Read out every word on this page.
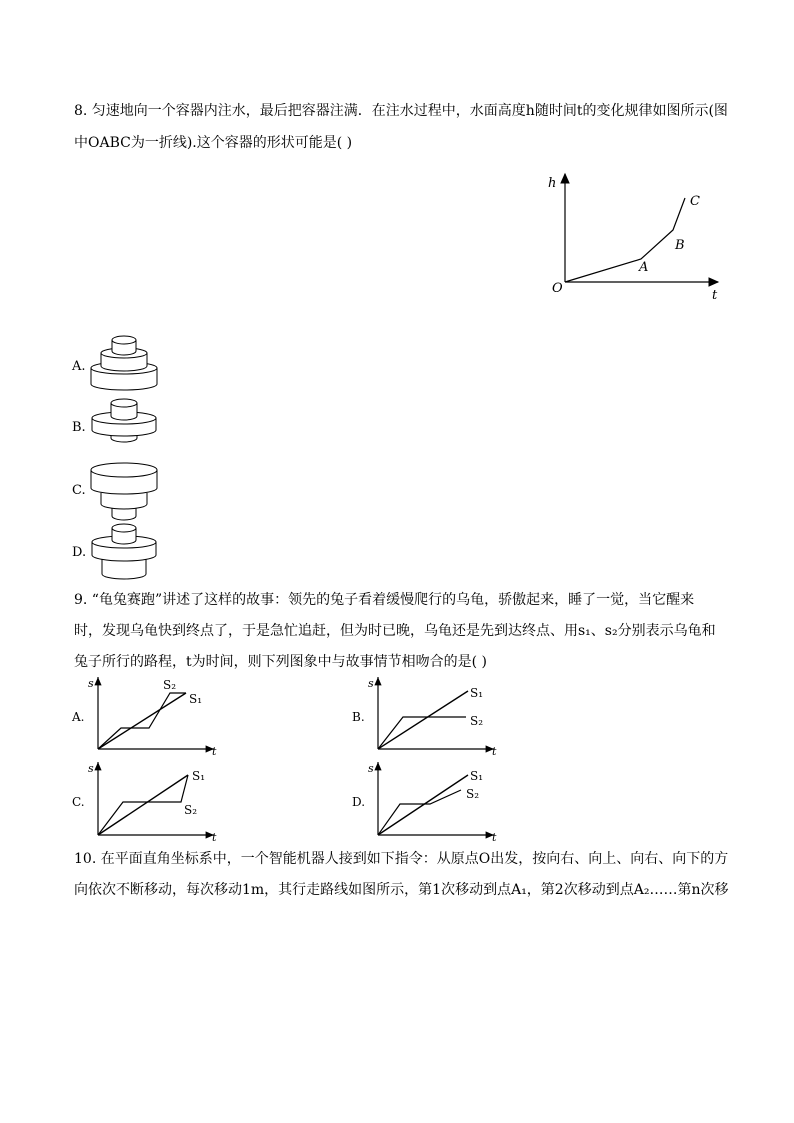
8. 匀速地向一个容器内注水，最后把容器注满．在注水过程中，水面高度h随时间t的变化规律如图所示(图
中OABC为一折线).这个容器的形状可能是( )
h
t
O
A
B
C
A.
B.
C.
D.
9. “龟兔赛跑”讲述了这样的故事：领先的兔子看着缓慢爬行的乌龟，骄傲起来，睡了一觉，当它醒来
时，发现乌龟快到终点了，于是急忙追赶，但为时已晚，乌龟还是先到达终点、用s₁、s₂分别表示乌龟和
兔子所行的路程，t为时间，则下列图象中与故事情节相吻合的是( )
A.
s
t
S₂
S₁
B.
s
t
S₁
S₂
C.
s
t
S₁
S₂
D.
s
t
S₁
S₂
10. 在平面直角坐标系中，一个智能机器人接到如下指令：从原点O出发，按向右、向上、向右、向下的方
向依次不断移动，每次移动1m，其行走路线如图所示，第1次移动到点A₁，第2次移动到点A₂……第n次移
